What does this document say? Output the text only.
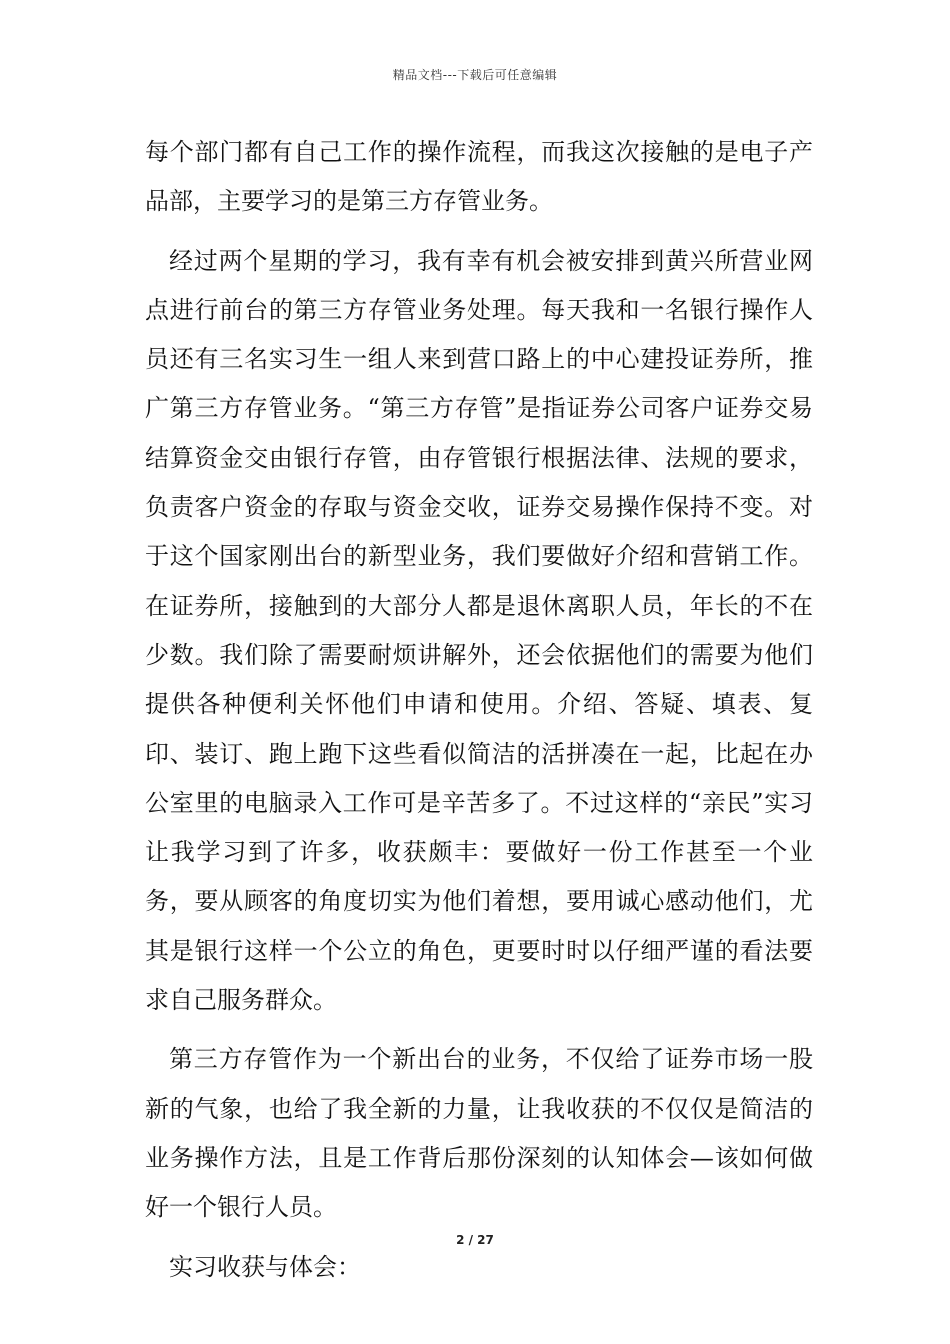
精品文档---下载后可任意编辑

每个部门都有自己工作的操作流程，而我这次接触的是电子产品部，主要学习的是第三方存管业务。

经过两个星期的学习，我有幸有机会被安排到黄兴所营业网点进行前台的第三方存管业务处理。每天我和一名银行操作人员还有三名实习生一组人来到营口路上的中心建投证券所，推广第三方存管业务。“第三方存管”是指证券公司客户证券交易结算资金交由银行存管，由存管银行根据法律、法规的要求，负责客户资金的存取与资金交收，证券交易操作保持不变。对于这个国家刚出台的新型业务，我们要做好介绍和营销工作。在证券所，接触到的大部分人都是退休离职人员，年长的不在少数。我们除了需要耐烦讲解外，还会依据他们的需要为他们提供各种便利关怀他们申请和使用。介绍、答疑、填表、复印、装订、跑上跑下这些看似简洁的活拼凑在一起，比起在办公室里的电脑录入工作可是辛苦多了。不过这样的“亲民”实习让我学习到了许多，收获颇丰：要做好一份工作甚至一个业务，要从顾客的角度切实为他们着想，要用诚心感动他们，尤其是银行这样一个公立的角色，更要时时以仔细严谨的看法要求自己服务群众。

第三方存管作为一个新出台的业务，不仅给了证券市场一股新的气象，也给了我全新的力量，让我收获的不仅仅是简洁的业务操作方法，且是工作背后那份深刻的认知体会—该如何做好一个银行人员。

实习收获与体会：

2 / 27
